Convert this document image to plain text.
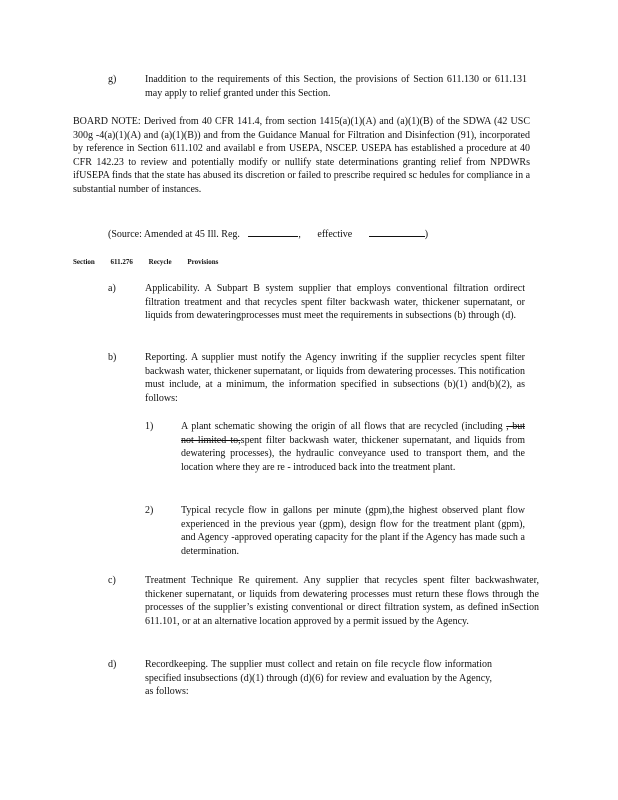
g)	Inaddition to the requirements of this Section, the provisions of Section 611.130 or 611.131 may apply to relief granted under this Section.

BOARD NOTE: Derived from 40 CFR 141.4, from section 1415(a)(1)(A) and (a)(1)(B) of the SDWA (42 USC 300g -4(a)(1)(A) and (a)(1)(B)) and from the Guidance Manual for Filtration and Disinfection (91), incorporated by reference in Section 611.102 and availabl e from USEPA, NSCEP. USEPA has established a procedure at 40 CFR 142.23 to review and potentially modify or nullify state determinations granting relief from NPDWRs ifUSEPA finds that the state has abused its discretion or failed to prescribe required sc hedules for compliance in a substantial number of instances.

(Source: Amended at 45 Ill. Reg.	, effective	)

Section 611.276 Recycle Provisions

a)	Applicability. A Subpart B system supplier that employs conventional filtration ordirect filtration treatment and that recycles spent filter backwash water, thickener supernatant, or liquids from dewateringprocesses must meet the requirements in subsections (b) through (d).

b)	Reporting. A supplier must notify the Agency inwriting if the supplier recycles spent filter backwash water, thickener supernatant, or liquids from dewatering processes. This notification must include, at a minimum, the information specified in subsections (b)(1) and(b)(2), as follows:

1)	A plant schematic showing the origin of all flows that are recycled (including , but not limited to,spent filter backwash water, thickener supernatant, and liquids from dewatering processes), the hydraulic conveyance used to transport them, and the location where they are re - introduced back into the treatment plant.

2)	Typical recycle flow in gallons per minute (gpm),the highest observed plant flow experienced in the previous year (gpm), design flow for the treatment plant (gpm), and Agency -approved operating capacity for the plant if the Agency has made such a determination.

c)	Treatment Technique Re quirement. Any supplier that recycles spent filter backwashwater, thickener supernatant, or liquids from dewatering processes must return these flows through the processes of the supplier’s existing conventional or direct filtration system, as defined inSection 611.101, or at an alternative location approved by a permit issued by the Agency.

d)	Recordkeeping. The supplier must collect and retain on file recycle flow information specified insubsections (d)(1) through (d)(6) for review and evaluation by the Agency, as follows:
